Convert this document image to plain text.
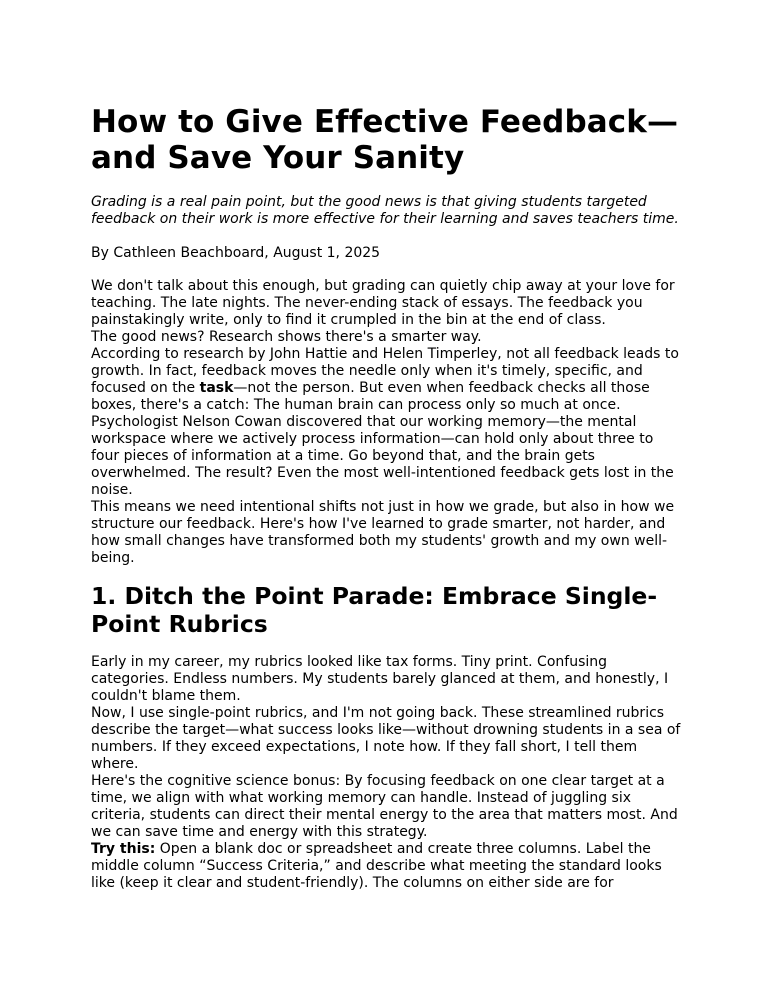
How to Give Effective Feedback—and Save Your Sanity

Grading is a real pain point, but the good news is that giving students targeted feedback on their work is more effective for their learning and saves teachers time.

By Cathleen Beachboard, August 1, 2025

We don't talk about this enough, but grading can quietly chip away at your love for teaching. The late nights. The never-ending stack of essays. The feedback you painstakingly write, only to find it crumpled in the bin at the end of class.

The good news? Research shows there's a smarter way.

According to research by John Hattie and Helen Timperley, not all feedback leads to growth. In fact, feedback moves the needle only when it's timely, specific, and focused on the task—not the person. But even when feedback checks all those boxes, there's a catch: The human brain can process only so much at once.

Psychologist Nelson Cowan discovered that our working memory—the mental workspace where we actively process information—can hold only about three to four pieces of information at a time. Go beyond that, and the brain gets overwhelmed. The result? Even the most well-intentioned feedback gets lost in the noise.

This means we need intentional shifts not just in how we grade, but also in how we structure our feedback. Here's how I've learned to grade smarter, not harder, and how small changes have transformed both my students' growth and my own well-being.

1. Ditch the Point Parade: Embrace Single-Point Rubrics

Early in my career, my rubrics looked like tax forms. Tiny print. Confusing categories. Endless numbers. My students barely glanced at them, and honestly, I couldn't blame them.

Now, I use single-point rubrics, and I'm not going back. These streamlined rubrics describe the target—what success looks like—without drowning students in a sea of numbers. If they exceed expectations, I note how. If they fall short, I tell them where.

Here's the cognitive science bonus: By focusing feedback on one clear target at a time, we align with what working memory can handle. Instead of juggling six criteria, students can direct their mental energy to the area that matters most. And we can save time and energy with this strategy.

Try this: Open a blank doc or spreadsheet and create three columns. Label the middle column “Success Criteria,” and describe what meeting the standard looks like (keep it clear and student-friendly). The columns on either side are for
